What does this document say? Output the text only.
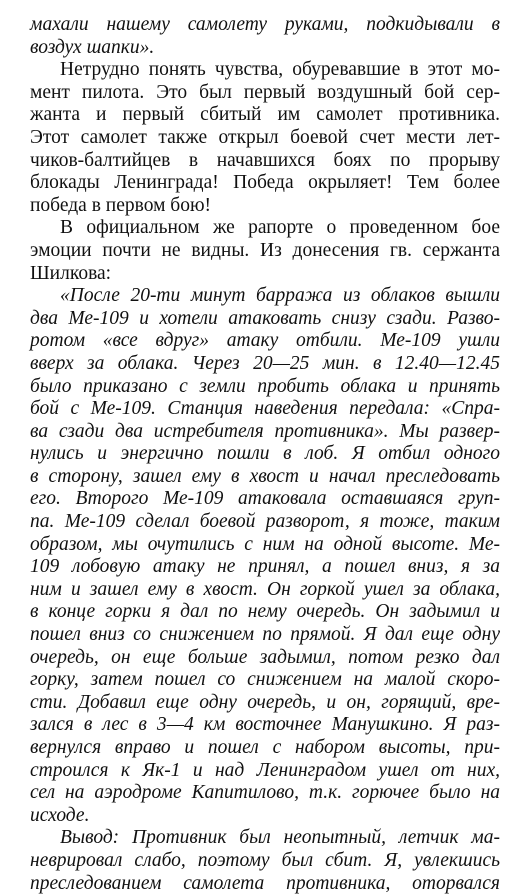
махали нашему самолету руками, подкидывали в
воздух шапки».
Нетрудно понять чувства, обуревавшие в этот мо-
мент пилота. Это был первый воздушный бой сер-
жанта и первый сбитый им самолет противника.
Этот самолет также открыл боевой счет мести лет-
чиков-балтийцев в начавшихся боях по прорыву
блокады Ленинграда! Победа окрыляет! Тем более
победа в первом бою!
В официальном же рапорте о проведенном бое
эмоции почти не видны. Из донесения гв. сержанта
Шилкова:
«После 20-ти минут барража из облаков вышли
два Ме-109 и хотели атаковать снизу сзади. Разво-
ротом «все вдруг» атаку отбили. Ме-109 ушли
вверх за облака. Через 20—25 мин. в 12.40—12.45
было приказано с земли пробить облака и принять
бой с Ме-109. Станция наведения передала: «Спра-
ва сзади два истребителя противника». Мы развер-
нулись и энергично пошли в лоб. Я отбил одного
в сторону, зашел ему в хвост и начал преследовать
его. Второго Ме-109 атаковала оставшаяся груп-
па. Ме-109 сделал боевой разворот, я тоже, таким
образом, мы очутились с ним на одной высоте. Ме-
109 лобовую атаку не принял, а пошел вниз, я за
ним и зашел ему в хвост. Он горкой ушел за облака,
в конце горки я дал по нему очередь. Он задымил и
пошел вниз со снижением по прямой. Я дал еще одну
очередь, он еще больше задымил, потом резко дал
горку, затем пошел со снижением на малой скоро-
сти. Добавил еще одну очередь, и он, горящий, вре-
зался в лес в 3—4 км восточнее Манушкино. Я раз-
вернулся вправо и пошел с набором высоты, при-
строился к Як-1 и над Ленинградом ушел от них,
сел на аэродроме Капитилово, т.к. горючее было на
исходе.
Вывод: Противник был неопытный, летчик ма-
неврировал слабо, поэтому был сбит. Я, увлекшись
преследованием самолета противника, оторвался
